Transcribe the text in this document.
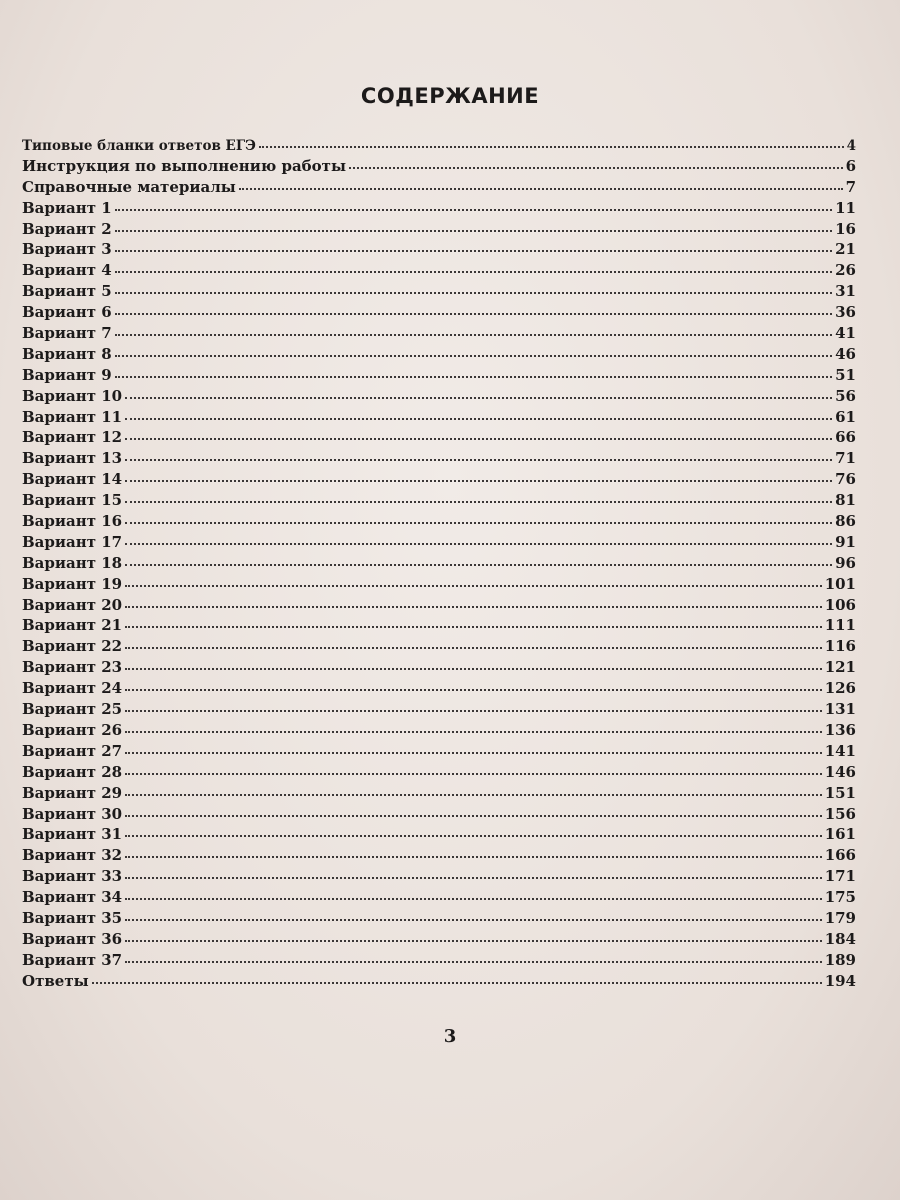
СОДЕРЖАНИЕ
Типовые бланки ответов ЕГЭ	4
Инструкция по выполнению работы	6
Справочные материалы	7
Вариант 1	11
Вариант 2	16
Вариант 3	21
Вариант 4	26
Вариант 5	31
Вариант 6	36
Вариант 7	41
Вариант 8	46
Вариант 9	51
Вариант 10	56
Вариант 11	61
Вариант 12	66
Вариант 13	71
Вариант 14	76
Вариант 15	81
Вариант 16	86
Вариант 17	91
Вариант 18	96
Вариант 19	101
Вариант 20	106
Вариант 21	111
Вариант 22	116
Вариант 23	121
Вариант 24	126
Вариант 25	131
Вариант 26	136
Вариант 27	141
Вариант 28	146
Вариант 29	151
Вариант 30	156
Вариант 31	161
Вариант 32	166
Вариант 33	171
Вариант 34	175
Вариант 35	179
Вариант 36	184
Вариант 37	189
Ответы	194
3
